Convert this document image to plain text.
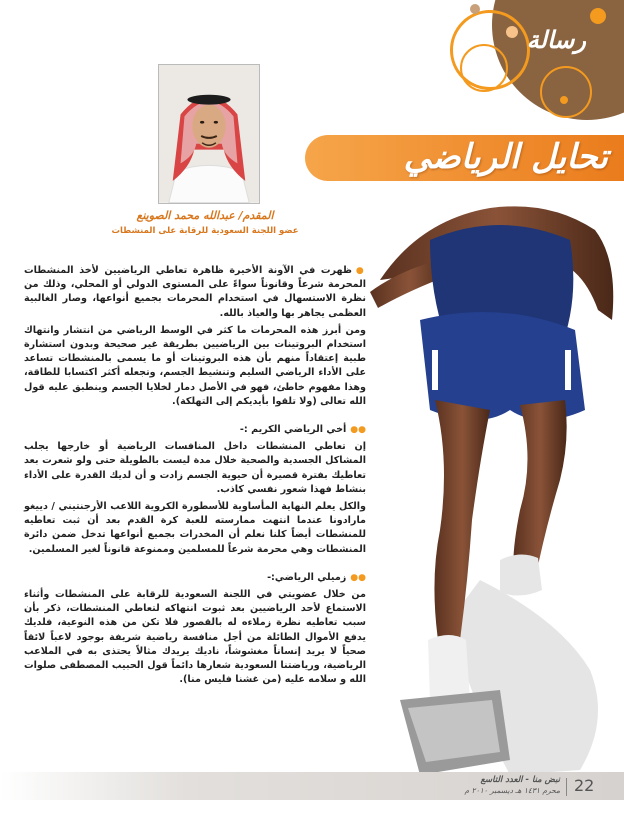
رسالة
تحايل الرياضي
المقدم/ عبدالله محمد الصوينع
عضو اللجنة السعودية للرقابة على المنشطات

●ظهرت في الآونة الأخيرة ظاهرة تعاطي الرياضيين لأخذ المنشطات المحرمة شرعاً وقانوناً سواءً على المستوى الدولي أو المحلي، وذلك من نظرة الاستسهال في استخدام المحرمات بجميع أنواعها، وصار الغالبية العظمى يجاهر بها والعياذ بالله.

ومن أبرز هذه المحرمات ما كثر في الوسط الرياضي من انتشار وانتهاك استخدام البروتينات بين الرياضيين بطريقة غير صحيحة وبدون استشارة طبية إعتقاداً منهم بأن هذه البروتينات أو ما يسمى بالمنشطات تساعد على الأداء الرياضي السليم وتنشيط الجسم، وتجعله أكثر اكتسابا للطاقة، وهذا مفهوم خاطئ، فهو في الأصل دمار لخلايا الجسم وينطبق عليه قول الله تعالى (ولا تلقوا بأيديكم إلى التهلكة).

●●أخي الرياضي الكريم :-

إن تعاطي المنشطات داخل المنافسات الرياضية أو خارجها يجلب المشاكل الجسدية والصحية خلال مدة ليست بالطويلة حتى ولو شعرت بعد تعاطيك بفترة قصيرة أن حيوية الجسم زادت و أن لديك القدرة على الأداء بنشاط فهذا شعور نفسي كاذب.

والكل يعلم النهاية المأساوية للأسطورة الكروية اللاعب الأرجنتيني / دييغو مارادونا عندما انتهت ممارسته للعبة كرة القدم بعد أن ثبت تعاطيه للمنشطات أيضاً كلنا نعلم أن المخدرات بجميع أنواعها تدخل ضمن دائرة المنشطات وهي محرمة شرعاً للمسلمين وممنوعة قانوناً لغير المسلمين.

●●زميلي الرياضي:-

من خلال عضويتي في اللجنة السعودية للرقابة على المنشطات وأثناء الاستماع لأحد الرياضيين بعد ثبوت انتهاكه لتعاطي المنشطات، ذكر بأن سبب تعاطيه نظرة زملاءه له بالقصور فلا تكن من هذه النوعية، فلديك يدفع الأموال الطائلة من أجل منافسة رياضية شريفة بوجود لاعباً لائقاً صحياً لا يريد إنساناً مغشوشاً، ناديك يريدك مثالاً يحتذى به في الملاعب الرياضية، ورياضتنا السعودية شعارها دائماً قول الحبيب المصطفى صلوات الله و سلامه عليه (من غشنا فليس منا).

22
نبض منا - العدد التاسع
محرم ١٤٣١ هـ ديسمبر ٢٠١٠ م
